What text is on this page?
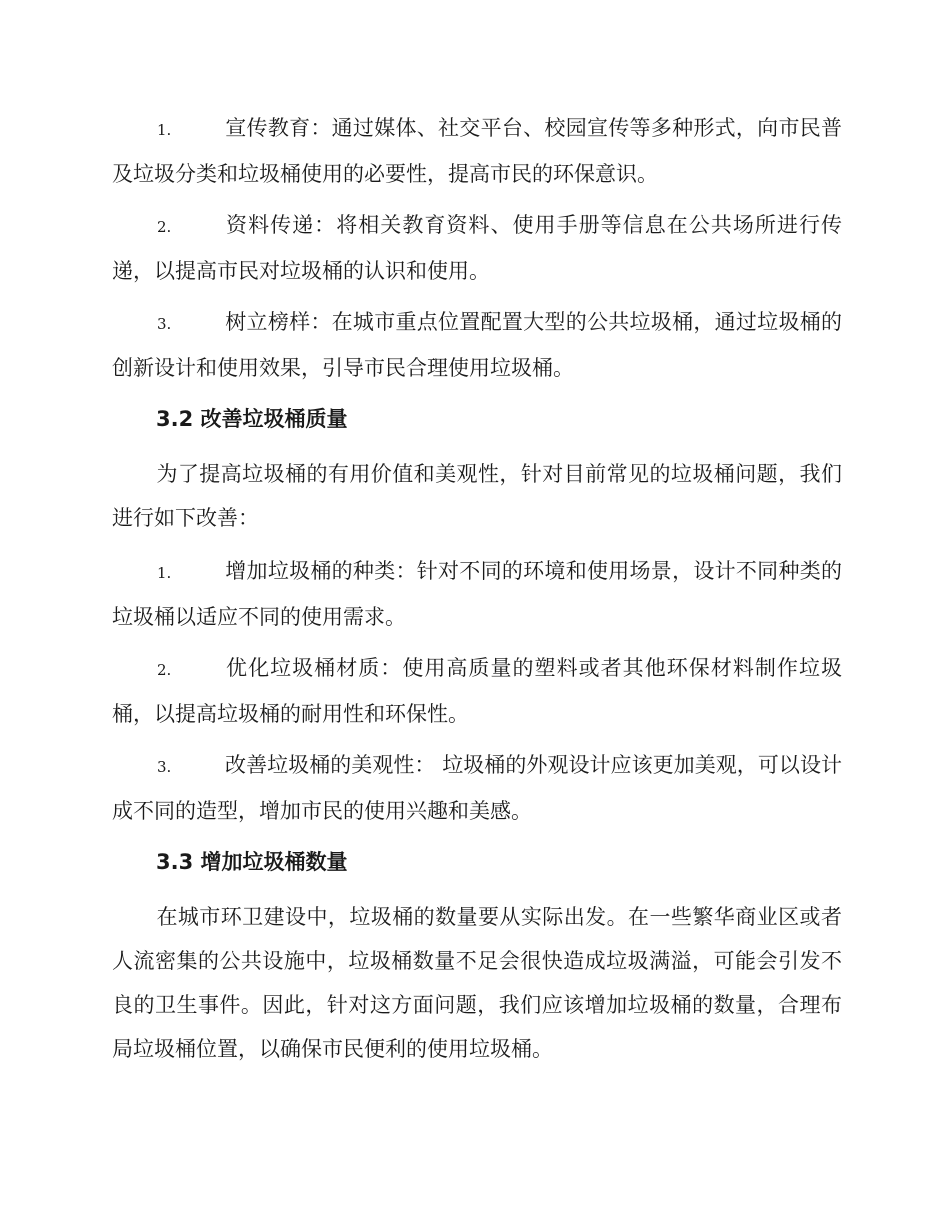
1.	宣传教育：通过媒体、社交平台、校园宣传等多种形式，向市民普及垃圾分类和垃圾桶使用的必要性，提高市民的环保意识。

2.	资料传递：将相关教育资料、使用手册等信息在公共场所进行传递，以提高市民对垃圾桶的认识和使用。

3.	树立榜样：在城市重点位置配置大型的公共垃圾桶，通过垃圾桶的创新设计和使用效果，引导市民合理使用垃圾桶。

3.2 改善垃圾桶质量

为了提高垃圾桶的有用价值和美观性，针对目前常见的垃圾桶问题，我们进行如下改善：

1.	增加垃圾桶的种类：针对不同的环境和使用场景，设计不同种类的垃圾桶以适应不同的使用需求。

2.	优化垃圾桶材质：使用高质量的塑料或者其他环保材料制作垃圾桶，以提高垃圾桶的耐用性和环保性。

3.	改善垃圾桶的美观性： 垃圾桶的外观设计应该更加美观，可以设计成不同的造型，增加市民的使用兴趣和美感。

3.3 增加垃圾桶数量

在城市环卫建设中，垃圾桶的数量要从实际出发。在一些繁华商业区或者人流密集的公共设施中，垃圾桶数量不足会很快造成垃圾满溢，可能会引发不良的卫生事件。因此，针对这方面问题，我们应该增加垃圾桶的数量，合理布局垃圾桶位置，以确保市民便利的使用垃圾桶。
